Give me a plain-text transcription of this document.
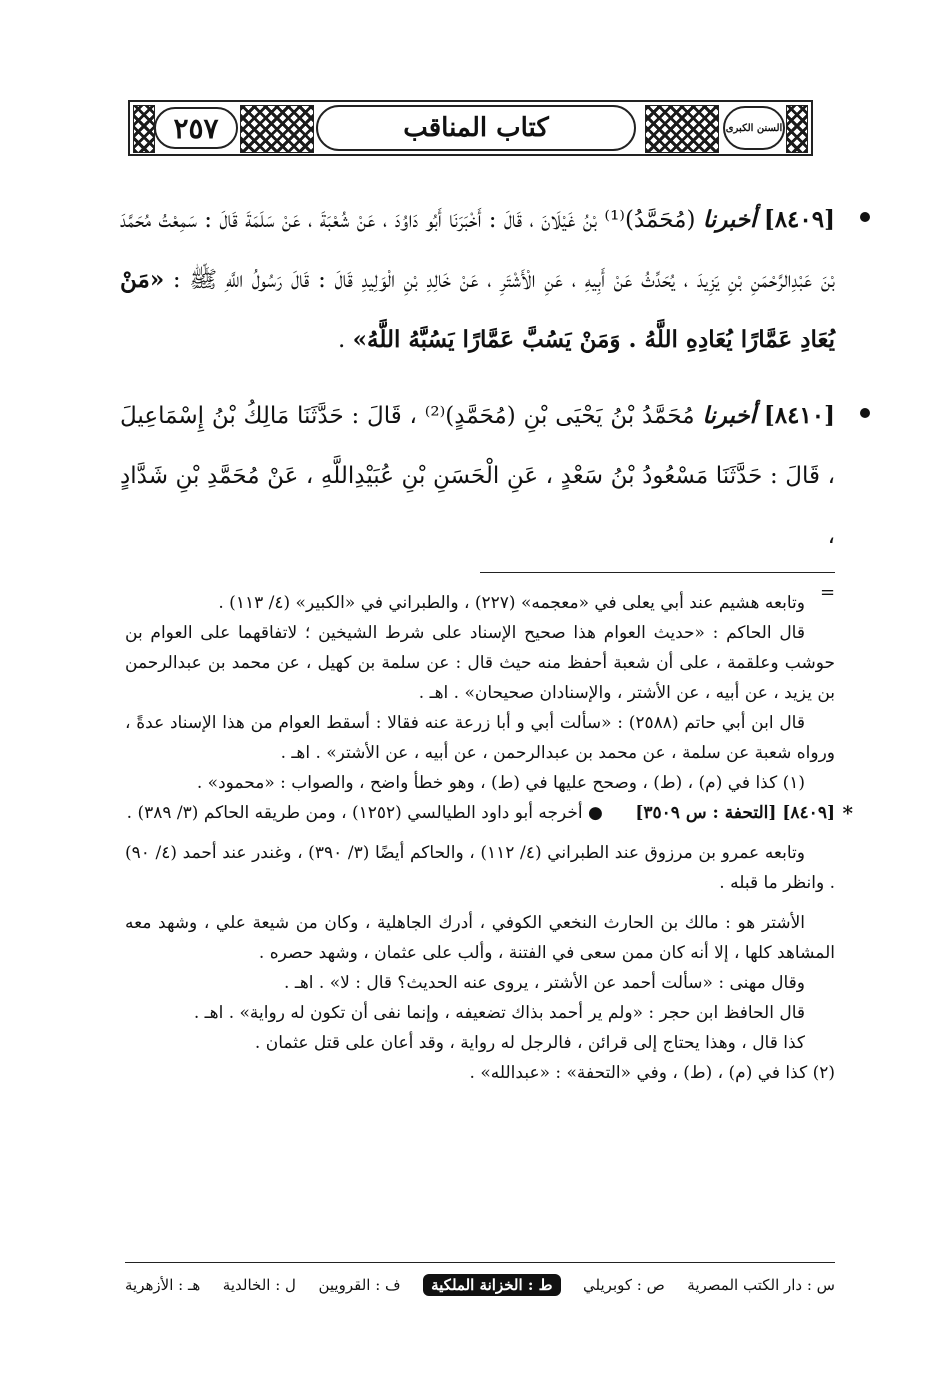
٢٥٧	كتاب المناقب	السنن الكبرى
[٨٤٠٩] أخبرنا (مُحَمَّدُ)⁽¹⁾ بْنُ غَيْلَانَ ، قَالَ : أَخْبَرَنَا أَبُو دَاوُدَ ، عَنْ شُعْبَةَ ، عَنْ سَلَمَةَ قَالَ : سَمِعْتُ مُحَمَّدَ بْنَ عَبْدِالرَّحْمَنِ بْنِ يَزِيدَ ، يُحَدِّثُ عَنْ أَبِيهِ ، عَنِ الْأَشْتَرِ ، عَنْ خَالِدِ بْنِ الْوَلِيدِ قَالَ : قَالَ رَسُولُ اللَّهِ ﷺ : «مَنْ يُعَادِ عَمَّارًا يُعَادِهِ اللَّهُ . وَمَنْ يَسُبَّ عَمَّارًا يَسُبَّهُ اللَّهُ» .
[٨٤١٠] أخبرنا مُحَمَّدُ بْنُ يَحْيَى بْنِ (مُحَمَّدٍ)⁽²⁾ ، قَالَ : حَدَّثَنَا مَالِكُ بْنُ إِسْمَاعِيلَ ، قَالَ : حَدَّثَنَا مَسْعُودُ بْنُ سَعْدٍ ، عَنِ الْحَسَنِ بْنِ عُبَيْدِاللَّهِ ، عَنْ مُحَمَّدِ بْنِ شَدَّادٍ ،
=

وتابعه هشيم عند أبي يعلى في «معجمه» (٢٢٧) ، والطبراني في «الكبير» (٤/ ١١٣) .

قال الحاكم : «حديث العوام هذا صحيح الإسناد على شرط الشيخين ؛ لاتفاقهما على العوام بن حوشب وعلقمة ، على أن شعبة أحفظ منه حيث قال : عن سلمة بن كهيل ، عن محمد بن عبدالرحمن بن يزيد ، عن أبيه ، عن الأشتر ، والإسنادان صحيحان» . اهـ .

قال ابن أبي حاتم (٢٥٨٨) : «سألت أبي و أبا زرعة عنه فقالا : أسقط العوام من هذا الإسناد عدةً ، ورواه شعبة عن سلمة ، عن محمد بن عبدالرحمن ، عن أبيه ، عن الأشتر» . اهـ .

(١) كذا في (م) ، (ط) ، وصحح عليها في (ط) ، وهو خطأ واضح ، والصواب : «محمود» .

*
[٨٤٠٩] [التحفة : س ٣٥٠٩]      ● أخرجه أبو داود الطيالسي (١٢٥٢) ، ومن طريقه الحاكم (٣/ ٣٨٩) .

وتابعه عمرو بن مرزوق عند الطبراني (٤/ ١١٢) ، والحاكم أيضًا (٣/ ٣٩٠) ، وغندر عند أحمد (٤/ ٩٠) . وانظر ما قبله .

الأشتر هو : مالك بن الحارث النخعي الكوفي ، أدرك الجاهلية ، وكان من شيعة علي ، وشهد معه المشاهد كلها ، إلا أنه كان ممن سعى في الفتنة ، وألب على عثمان ، وشهد حصره .

وقال مهنى : «سألت أحمد عن الأشتر ، يروى عنه الحديث؟ قال : لا» . اهـ .

قال الحافظ ابن حجر : «ولم ير أحمد بذاك تضعيفه ، وإنما نفى أن تكون له رواية» . اهـ .

كذا قال ، وهذا يحتاج إلى قرائن ، فالرجل له رواية ، وقد أعان على قتل عثمان .

(٢) كذا في (م) ، (ط) ، وفي «التحفة» : «عبدالله» .

س : دار الكتب المصرية
ص : كوبريلي
ط : الخزانة الملكية
ف : القرويين
ل : الخالدية
هـ : الأزهرية
